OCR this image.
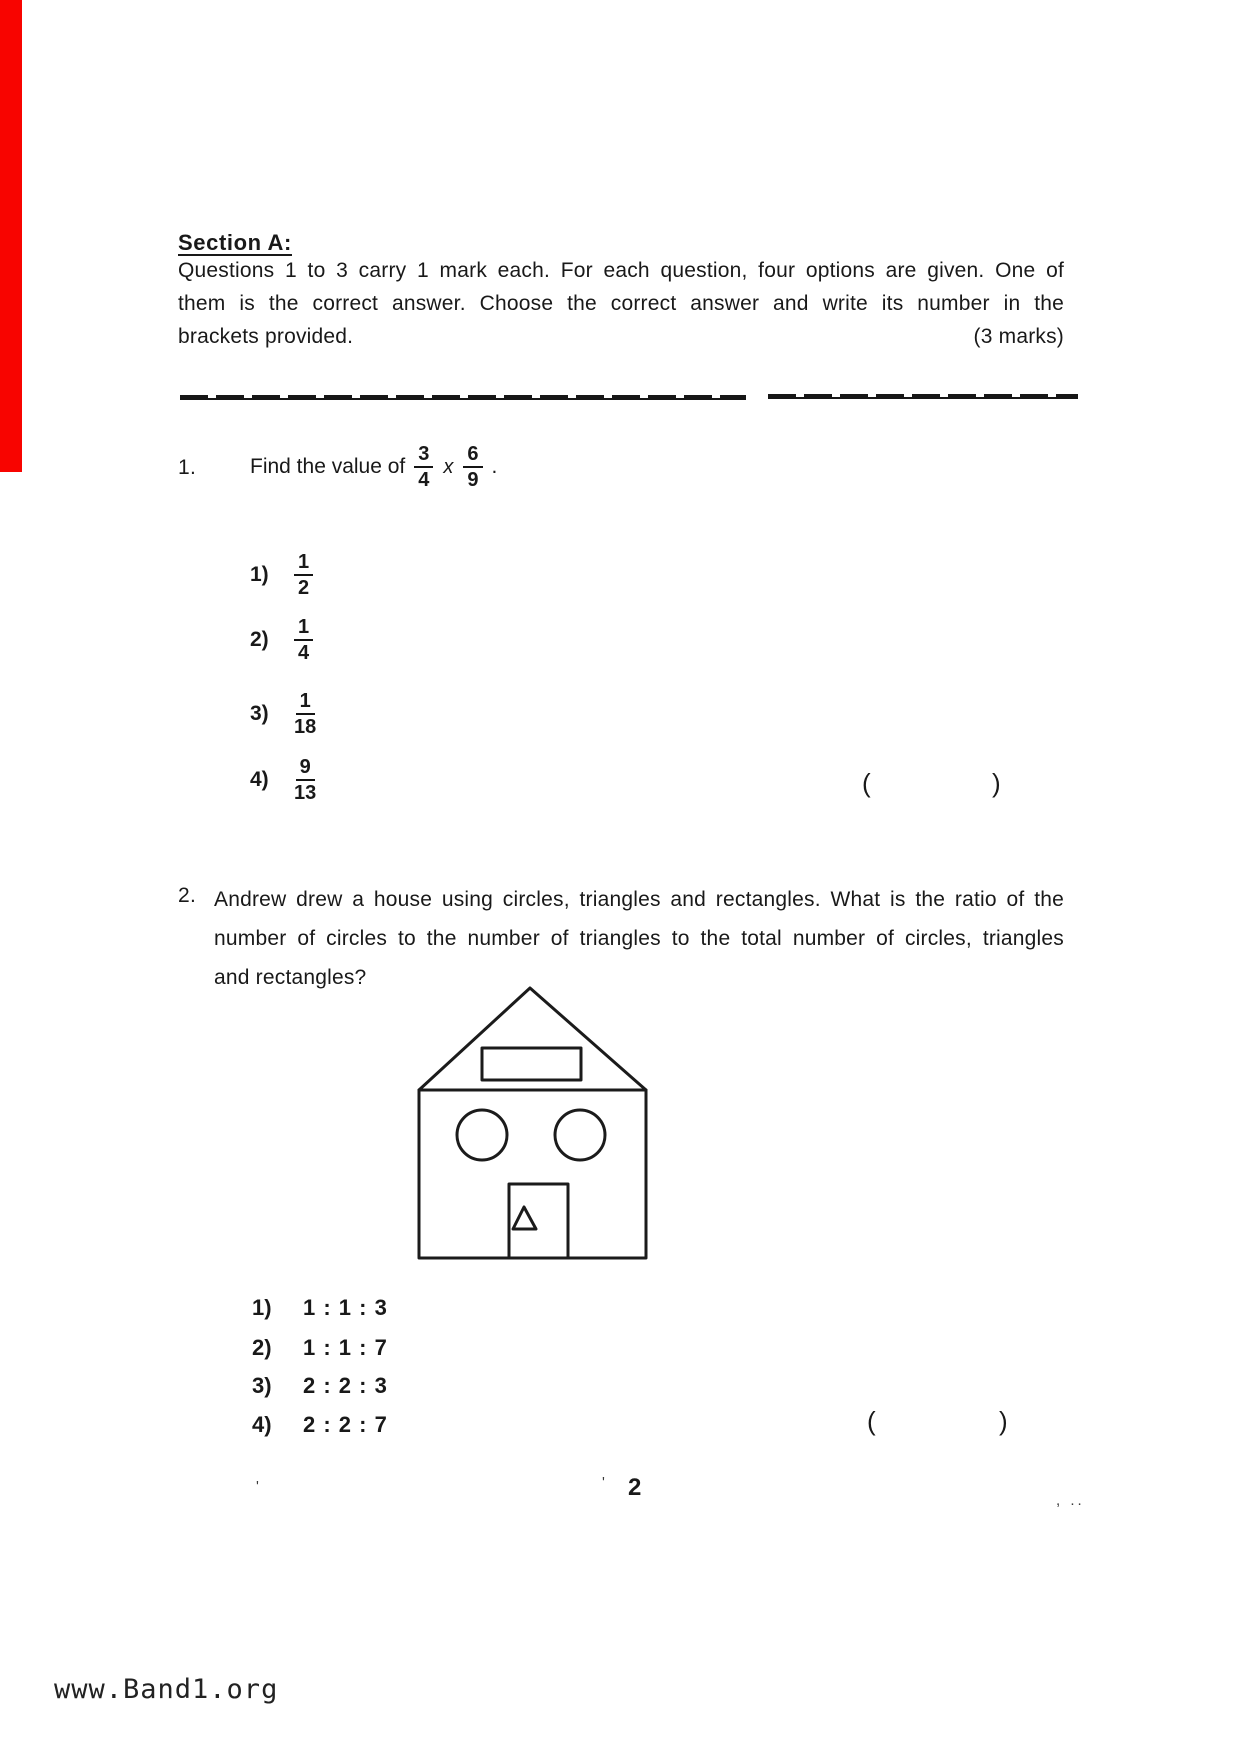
Section A:
Questions 1 to 3 carry 1 mark each. For each question, four options are given. One of
them is the correct answer. Choose the correct answer and write its number in the
brackets provided.	(3 marks)
1.	Find the value of $\frac{3}{4}$ x $\frac{6}{9}$ .
1)	$\frac{1}{2}$
2)	$\frac{1}{4}$
3)	$\frac{1}{18}$
4)	$\frac{9}{13}$	(	)
2. Andrew drew a house using circles, triangles and rectangles. What is the ratio of the
number of circles to the number of triangles to the total number of circles, triangles
and rectangles?
1)	1 : 1 : 3
2)	1 : 1 : 7
3)	2 : 2 : 3
4)	2 : 2 : 7	(	)
'	' 2	, ..
www.Band1.org
